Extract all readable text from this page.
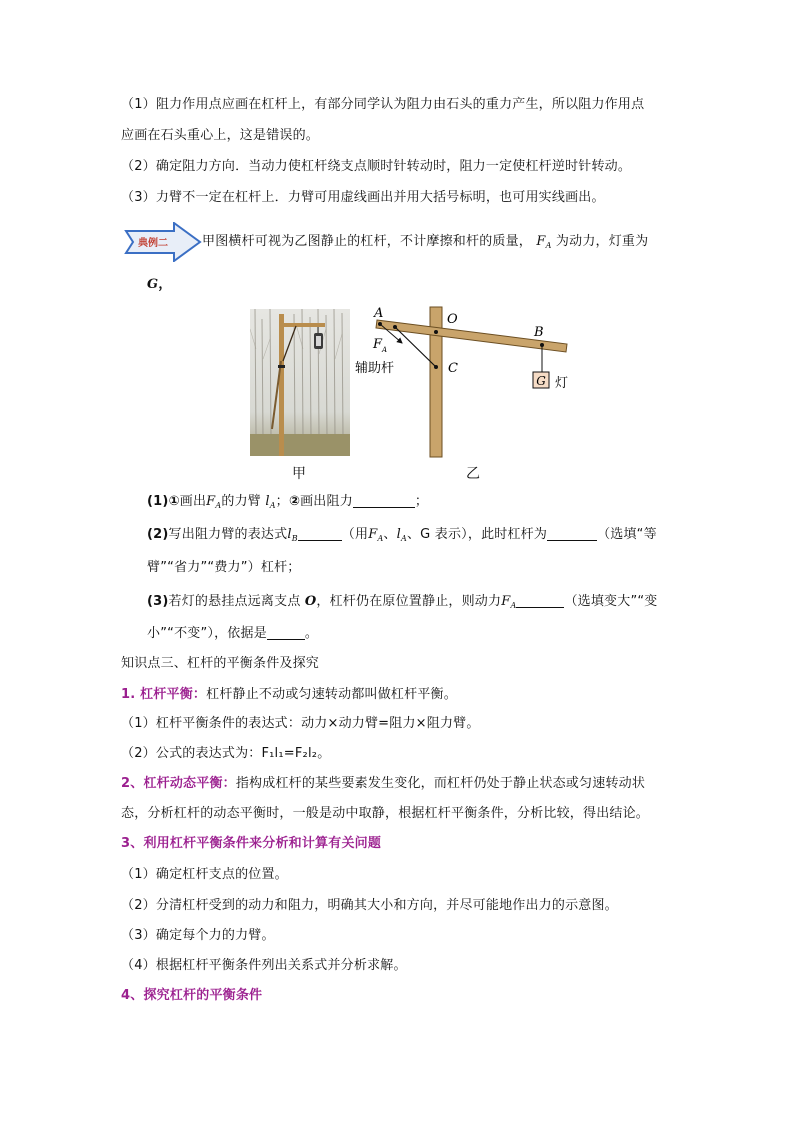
（1）阻力作用点应画在杠杆上，有部分同学认为阻力由石头的重力产生，所以阻力作用点
应画在石头重心上，这是错误的。
（2）确定阻力方向．当动力使杠杆绕支点顺时针转动时，阻力一定使杠杆逆时针转动。
（3）力臂不一定在杠杆上．力臂可用虚线画出并用大括号标明，也可用实线画出。
典例二	甲图横杆可视为乙图静止的杠杆，不计摩擦和杆的质量， $F_A$ 为动力，灯重为
G，
甲
G 灯
A	O
B
C
F A
辅助杆
乙
(1)①画出$F_A$的力臂 $l_A$；②画出阻力	；
(2)写出阻力臂的表达式$l_B$	（用$F_A$、$l_A$、G 表示），此时杠杆为	（选填“等
臂”“省力”“费力”）杠杆；
(3)若灯的悬挂点远离支点 O，杠杆仍在原位置静止，则动力$F_A$	（选填变大”“变
小”“不变”），依据是	。
知识点三、杠杆的平衡条件及探究
1. 杠杆平衡：杠杆静止不动或匀速转动都叫做杠杆平衡。
（1）杠杆平衡条件的表达式：动力×动力臂=阻力×阻力臂。
（2）公式的表达式为：F₁l₁=F₂l₂。
2、杠杆动态平衡：指构成杠杆的某些要素发生变化，而杠杆仍处于静止状态或匀速转动状
态，分析杠杆的动态平衡时，一般是动中取静，根据杠杆平衡条件，分析比较，得出结论。
3、利用杠杆平衡条件来分析和计算有关问题
（1）确定杠杆支点的位置。
（2）分清杠杆受到的动力和阻力，明确其大小和方向，并尽可能地作出力的示意图。
（3）确定每个力的力臂。
（4）根据杠杆平衡条件列出关系式并分析求解。
4、探究杠杆的平衡条件
